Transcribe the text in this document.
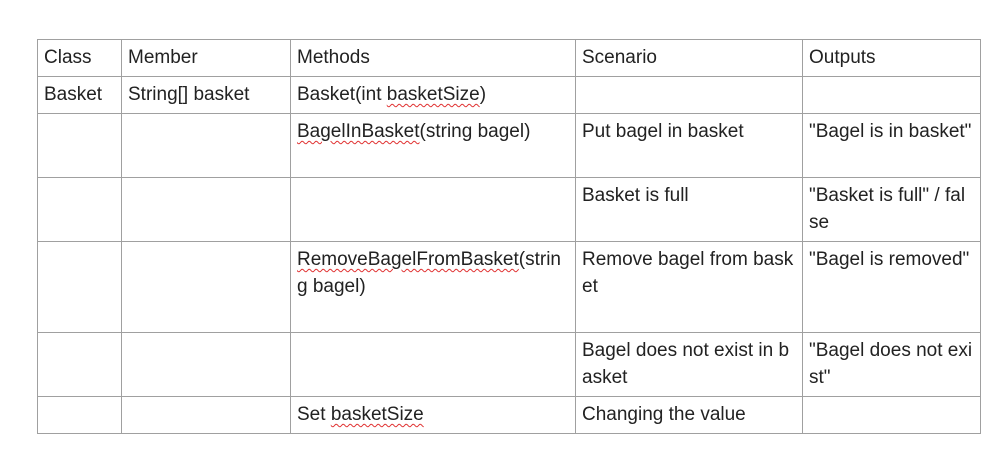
Class	Member	Methods	Scenario	Outputs
Basket	String[] basket	Basket(int basketSize)		
		BagelInBasket(string bagel)	Put bagel in basket	"Bagel is in basket"
			Basket is full	"Basket is full" / false
		RemoveBagelFromBasket(string bagel)	Remove bagel from basket	"Bagel is removed"
			Bagel does not exist in basket	"Bagel does not exist"
		Set basketSize	Changing the value	
